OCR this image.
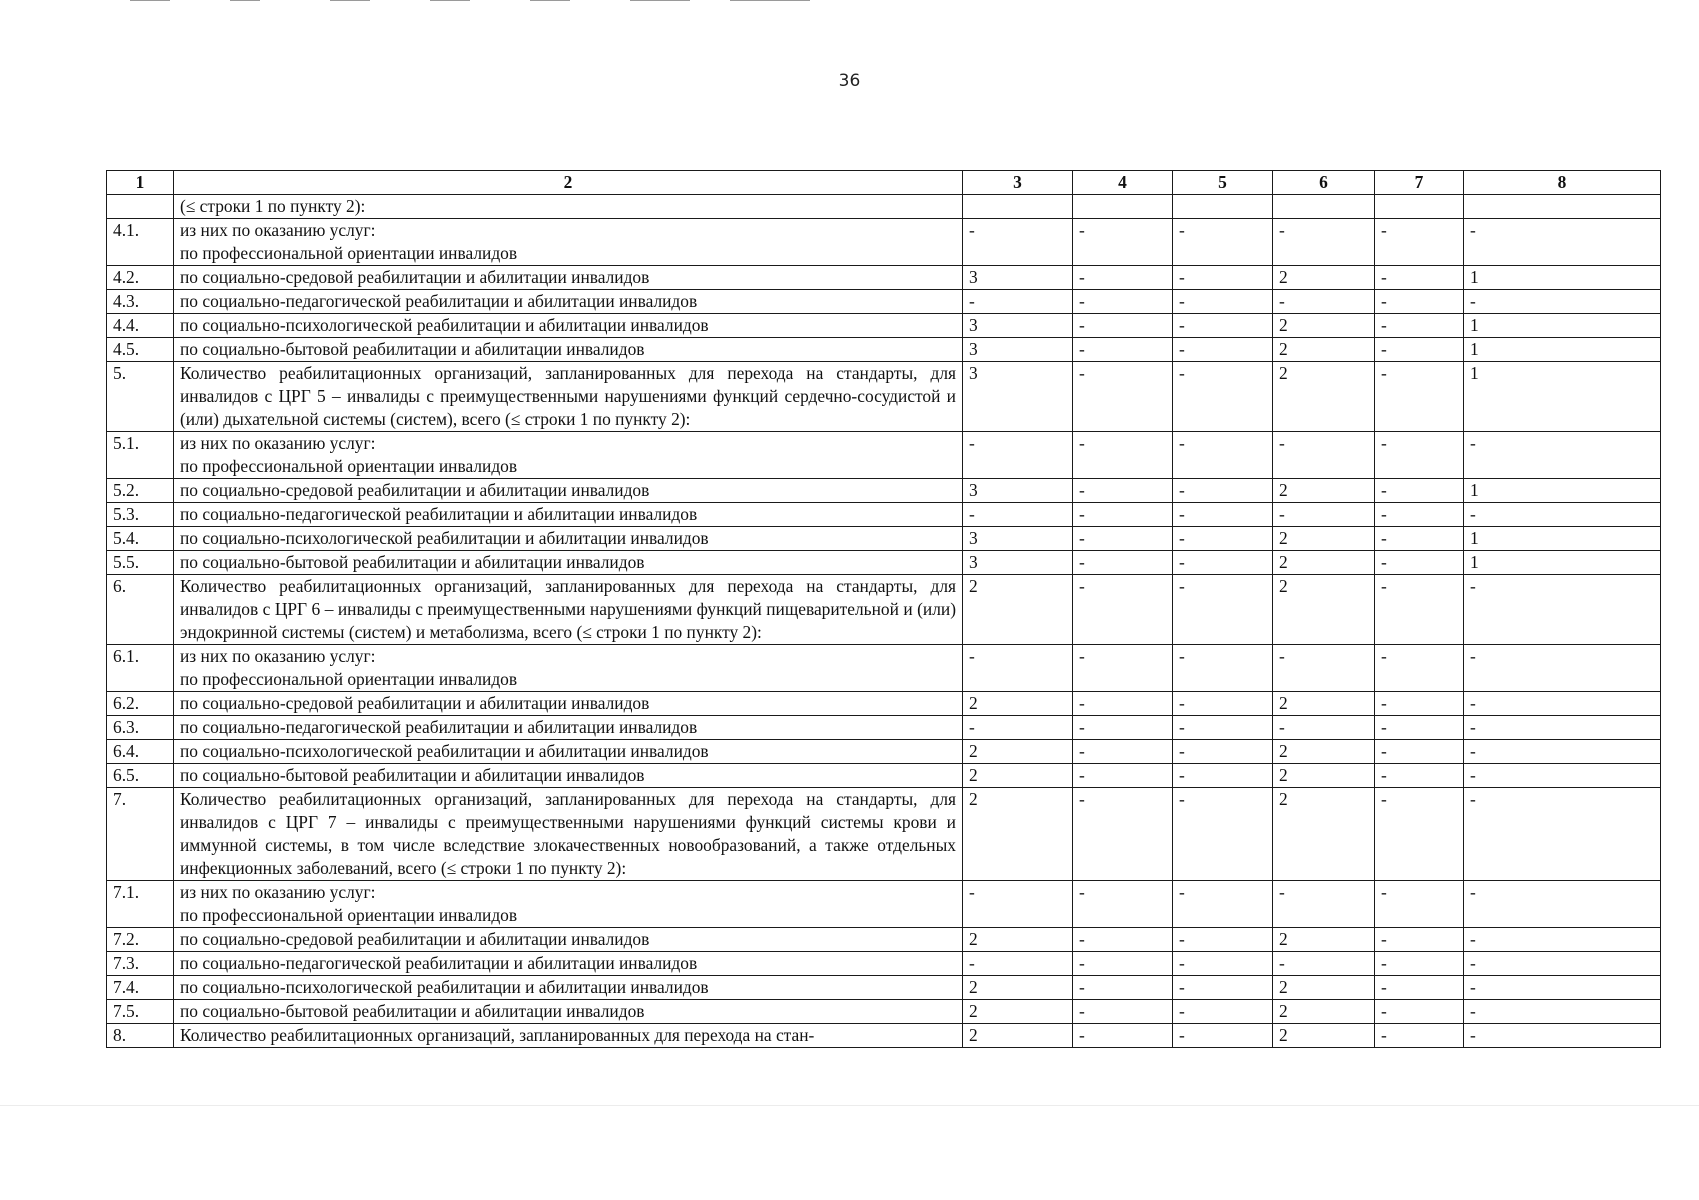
36
1	2	3	4	5	6	7	8
	(≤ строки 1 по пункту 2):						
4.1.	из них по оказанию услуг:
по профессиональной ориентации инвалидов	-	-	-	-	-	-
4.2.	по социально-средовой реабилитации и абилитации инвалидов	3	-	-	2	-	1
4.3.	по социально-педагогической реабилитации и абилитации инвалидов	-	-	-	-	-	-
4.4.	по социально-психологической реабилитации и абилитации инвалидов	3	-	-	2	-	1
4.5.	по социально-бытовой реабилитации и абилитации инвалидов	3	-	-	2	-	1
5.	Количество реабилитационных организаций, запланированных для перехода на стандарты, для инвалидов с ЦРГ 5 – инвалиды с преимущественными нарушениями функций сердечно-сосудистой и (или) дыхательной системы (систем), всего (≤ строки 1 по пункту 2):	3	-	-	2	-	1
5.1.	из них по оказанию услуг:
по профессиональной ориентации инвалидов	-	-	-	-	-	-
5.2.	по социально-средовой реабилитации и абилитации инвалидов	3	-	-	2	-	1
5.3.	по социально-педагогической реабилитации и абилитации инвалидов	-	-	-	-	-	-
5.4.	по социально-психологической реабилитации и абилитации инвалидов	3	-	-	2	-	1
5.5.	по социально-бытовой реабилитации и абилитации инвалидов	3	-	-	2	-	1
6.	Количество реабилитационных организаций, запланированных для перехода на стандарты, для инвалидов с ЦРГ 6 – инвалиды с преимущественными нарушениями функций пищеварительной и (или) эндокринной системы (систем) и метаболизма, всего (≤ строки 1 по пункту 2):	2	-	-	2	-	-
6.1.	из них по оказанию услуг:
по профессиональной ориентации инвалидов	-	-	-	-	-	-
6.2.	по социально-средовой реабилитации и абилитации инвалидов	2	-	-	2	-	-
6.3.	по социально-педагогической реабилитации и абилитации инвалидов	-	-	-	-	-	-
6.4.	по социально-психологической реабилитации и абилитации инвалидов	2	-	-	2	-	-
6.5.	по социально-бытовой реабилитации и абилитации инвалидов	2	-	-	2	-	-
7.	Количество реабилитационных организаций, запланированных для перехода на стандарты, для инвалидов с ЦРГ 7 – инвалиды с преимущественными нарушениями функций системы крови и иммунной системы, в том числе вследствие злокачественных новообразований, а также отдельных инфекционных заболеваний, всего (≤ строки 1 по пункту 2):	2	-	-	2	-	-
7.1.	из них по оказанию услуг:
по профессиональной ориентации инвалидов	-	-	-	-	-	-
7.2.	по социально-средовой реабилитации и абилитации инвалидов	2	-	-	2	-	-
7.3.	по социально-педагогической реабилитации и абилитации инвалидов	-	-	-	-	-	-
7.4.	по социально-психологической реабилитации и абилитации инвалидов	2	-	-	2	-	-
7.5.	по социально-бытовой реабилитации и абилитации инвалидов	2	-	-	2	-	-
8.	Количество реабилитационных организаций, запланированных для перехода на стан-	2	-	-	2	-	-
